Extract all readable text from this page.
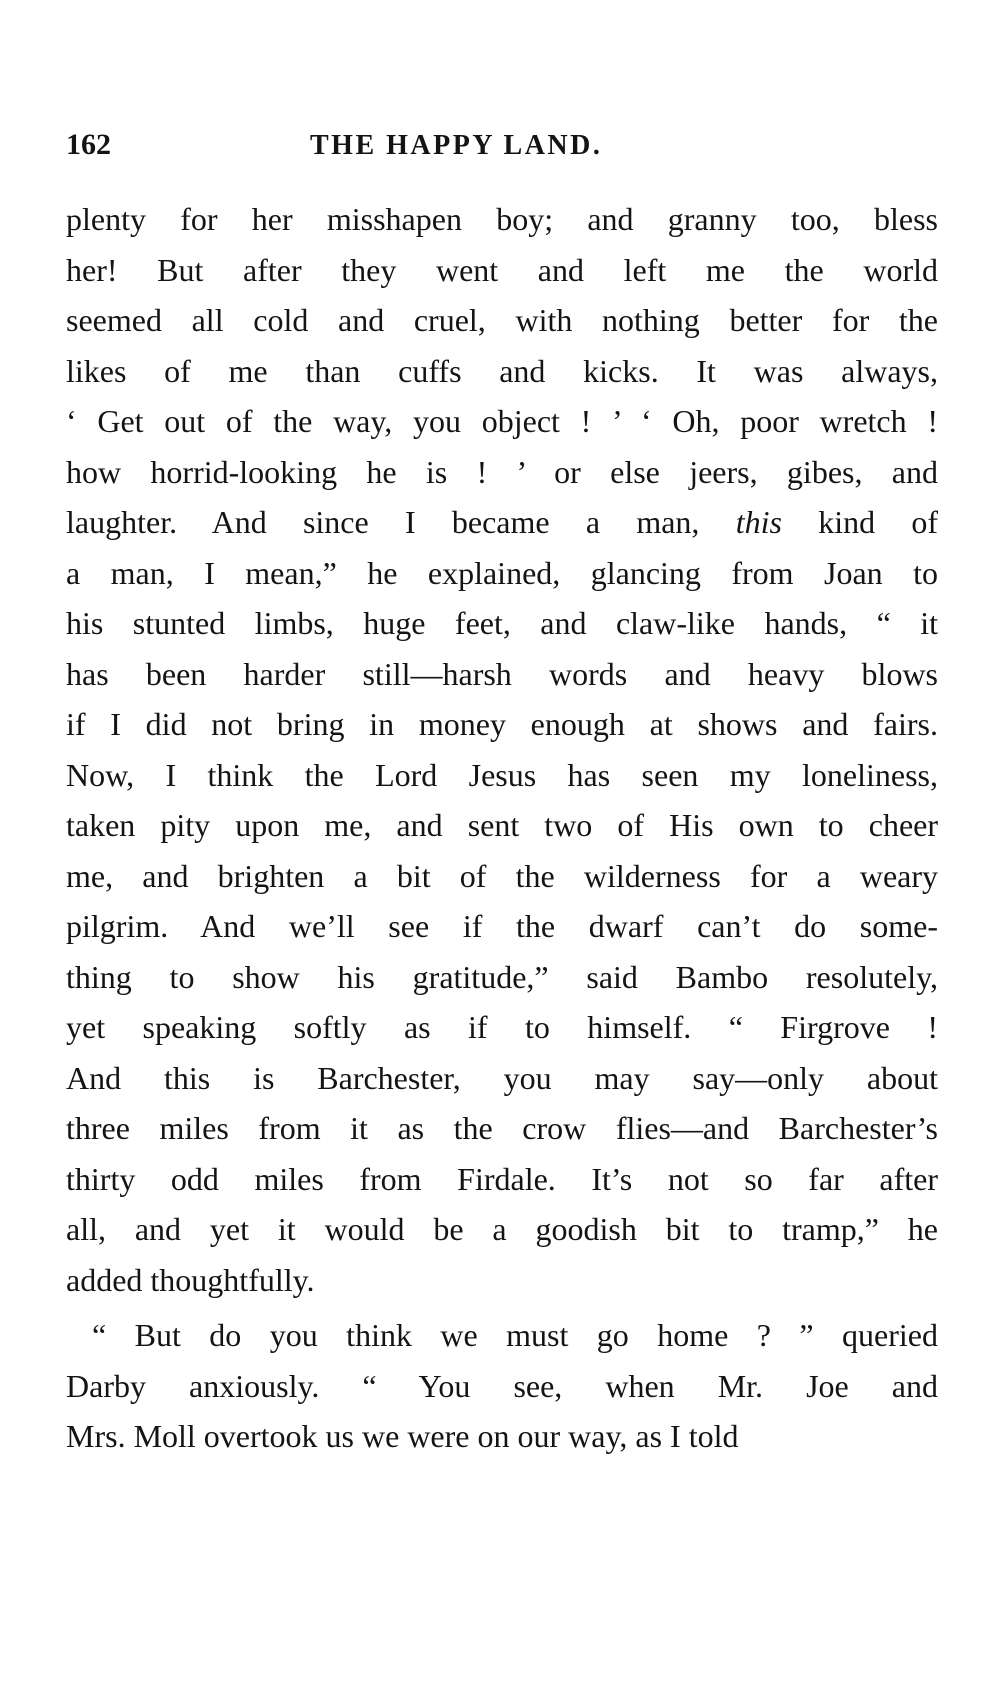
162	THE HAPPY LAND.
plenty for her misshapen boy; and granny too, bless
her! But after they went and left me the world
seemed all cold and cruel, with nothing better for the
likes of me than cuffs and kicks. It was always,
‘ Get out of the way, you object ! ’ ‘ Oh, poor wretch !
how horrid-looking he is ! ’ or else jeers, gibes, and
laughter. And since I became a man, this kind of
a man, I mean,” he explained, glancing from Joan to
his stunted limbs, huge feet, and claw-like hands, “ it
has been harder still—harsh words and heavy blows
if I did not bring in money enough at shows and fairs.
Now, I think the Lord Jesus has seen my loneliness,
taken pity upon me, and sent two of His own to cheer
me, and brighten a bit of the wilderness for a weary
pilgrim. And we’ll see if the dwarf can’t do some-
thing to show his gratitude,” said Bambo resolutely,
yet speaking softly as if to himself. “ Firgrove !
And this is Barchester, you may say—only about
three miles from it as the crow flies—and Barchester’s
thirty odd miles from Firdale. It’s not so far after
all, and yet it would be a goodish bit to tramp,” he
added thoughtfully.
“ But do you think we must go home ? ” queried
Darby anxiously. “ You see, when Mr. Joe and
Mrs. Moll overtook us we were on our way, as I told
